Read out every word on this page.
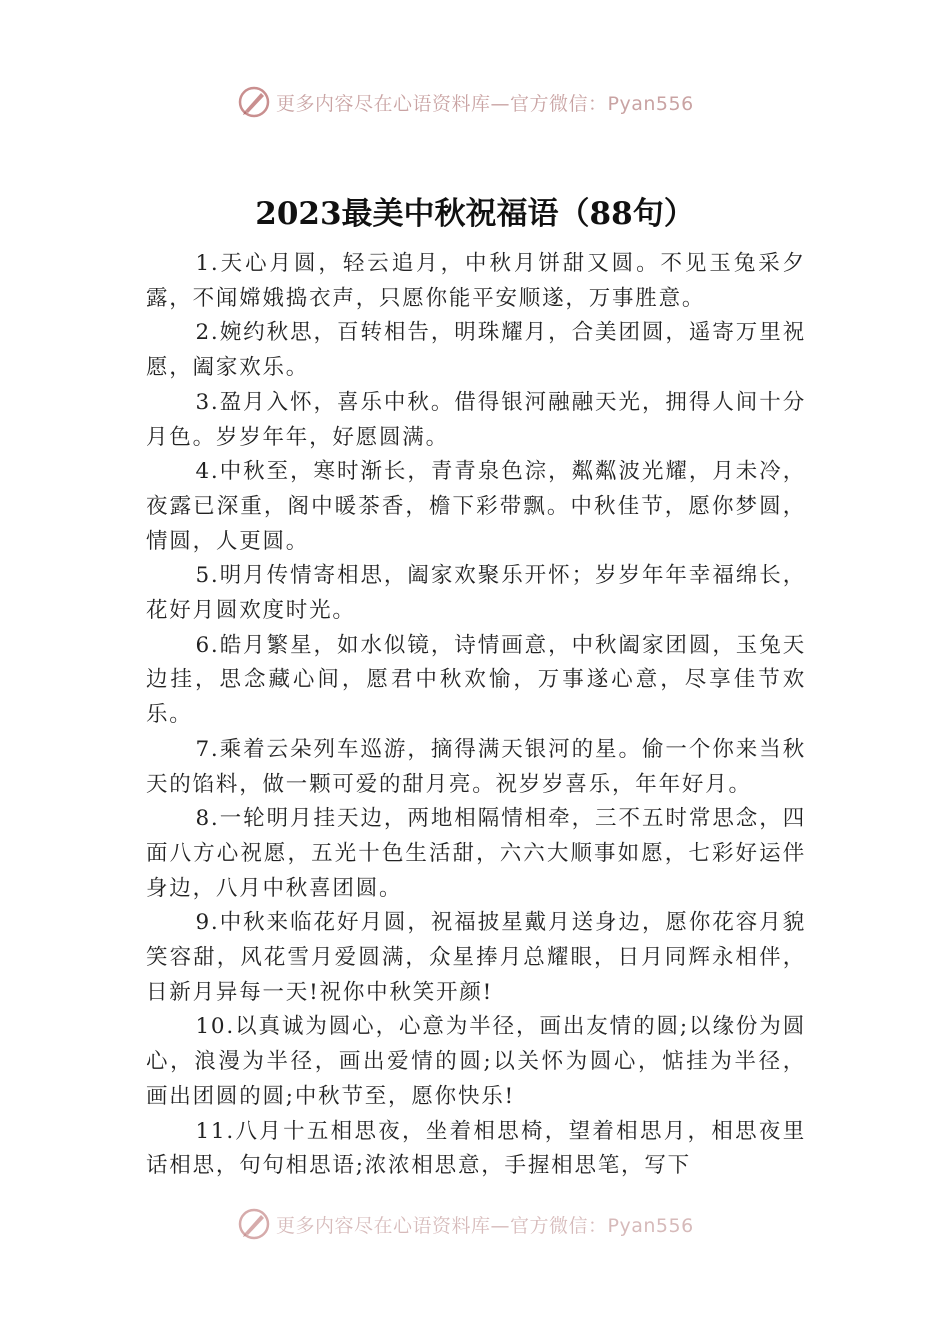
更多内容尽在心语资料库—官方微信：Pyan556
2023最美中秋祝福语（88句）

1.天心月圆，轻云追月，中秋月饼甜又圆。不见玉兔采夕露，不闻嫦娥捣衣声，只愿你能平安顺遂，万事胜意。

2.婉约秋思，百转相告，明珠耀月，合美团圆，遥寄万里祝愿，阖家欢乐。

3.盈月入怀，喜乐中秋。借得银河融融天光，拥得人间十分月色。岁岁年年，好愿圆满。

4.中秋至，寒时渐长，青青泉色淙，粼粼波光耀，月未冷，夜露已深重，阁中暖茶香，檐下彩带飘。中秋佳节，愿你梦圆，情圆，人更圆。

5.明月传情寄相思，阖家欢聚乐开怀；岁岁年年幸福绵长，花好月圆欢度时光。

6.皓月繁星，如水似镜，诗情画意，中秋阖家团圆，玉兔天边挂，思念藏心间，愿君中秋欢愉，万事遂心意，尽享佳节欢乐。

7.乘着云朵列车巡游，摘得满天银河的星。偷一个你来当秋天的馅料，做一颗可爱的甜月亮。祝岁岁喜乐，年年好月。

8.一轮明月挂天边，两地相隔情相牵，三不五时常思念，四面八方心祝愿，五光十色生活甜，六六大顺事如愿，七彩好运伴身边，八月中秋喜团圆。

9.中秋来临花好月圆，祝福披星戴月送身边，愿你花容月貌笑容甜，风花雪月爱圆满，众星捧月总耀眼，日月同辉永相伴，日新月异每一天!祝你中秋笑开颜!

10.以真诚为圆心，心意为半径，画出友情的圆;以缘份为圆心，浪漫为半径，画出爱情的圆;以关怀为圆心，惦挂为半径，画出团圆的圆;中秋节至，愿你快乐!

11.八月十五相思夜，坐着相思椅，望着相思月，相思夜里话相思，句句相思语;浓浓相思意，手握相思笔，写下

更多内容尽在心语资料库—官方微信：Pyan556
